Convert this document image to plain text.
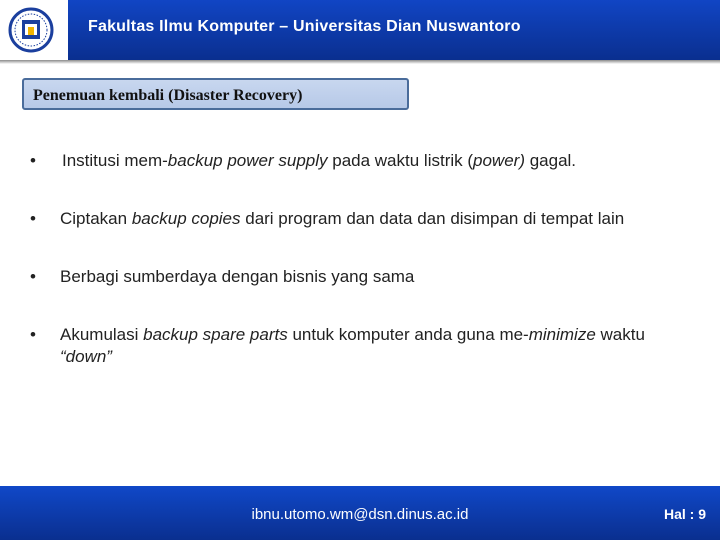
Fakultas Ilmu Komputer – Universitas Dian Nuswantoro
Penemuan kembali (Disaster Recovery)
• Institusi mem-backup power supply pada waktu listrik (power) gagal.
• Ciptakan backup copies dari program dan data dan disimpan di tempat lain
• Berbagi sumberdaya dengan bisnis yang sama
• Akumulasi backup spare parts untuk komputer anda guna me-minimize waktu “down”
ibnu.utomo.wm@dsn.dinus.ac.id	Hal : 9
